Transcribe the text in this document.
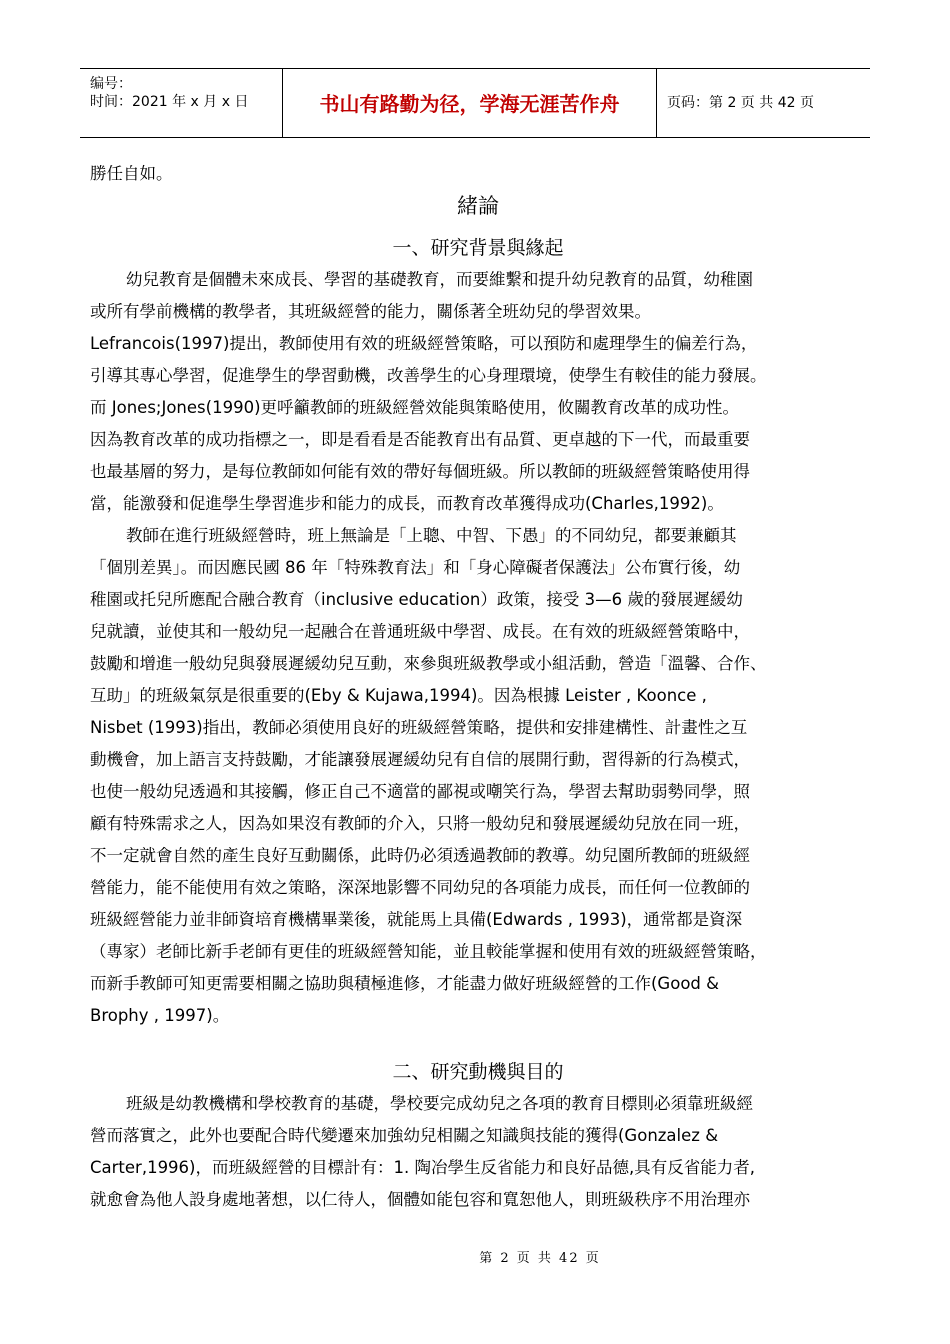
编号：
时间：2021 年 x 月 x 日	书山有路勤为径，学海无涯苦作舟	页码：第 2 页 共 42 页
勝任自如。
緒論
一、研究背景與緣起
幼兒教育是個體未來成長、學習的基礎教育，而要維繫和提升幼兒教育的品質，幼稚園
或所有學前機構的教學者，其班級經營的能力，關係著全班幼兒的學習效果。
Lefrancois(1997)提出，教師使用有效的班級經營策略，可以預防和處理學生的偏差行為，
引導其專心學習，促進學生的學習動機，改善學生的心身理環境，使學生有較佳的能力發展。
而 Jones;Jones(1990)更呼籲教師的班級經營效能與策略使用，攸關教育改革的成功性。
因為教育改革的成功指標之一，即是看看是否能教育出有品質、更卓越的下一代，而最重要
也最基層的努力，是每位教師如何能有效的帶好每個班級。所以教師的班級經營策略使用得
當，能激發和促進學生學習進步和能力的成長，而教育改革獲得成功(Charles,1992)。
教師在進行班級經營時，班上無論是「上聰、中智、下愚」的不同幼兒，都要兼顧其
「個別差異」。而因應民國 86 年「特殊教育法」和「身心障礙者保護法」公布實行後，幼
稚園或托兒所應配合融合教育（inclusive education）政策，接受 3—6 歲的發展遲緩幼
兒就讀，並使其和一般幼兒一起融合在普通班級中學習、成長。在有效的班級經營策略中，
鼓勵和增進一般幼兒與發展遲緩幼兒互動，來參與班級教學或小組活動，營造「溫馨、合作、
互助」的班級氣氛是很重要的(Eby & Kujawa,1994)。因為根據 Leister , Koonce ,
Nisbet (1993)指出，教師必須使用良好的班級經營策略，提供和安排建構性、計畫性之互
動機會，加上語言支持鼓勵，才能讓發展遲緩幼兒有自信的展開行動，習得新的行為模式，
也使一般幼兒透過和其接觸，修正自己不適當的鄙視或嘲笑行為，學習去幫助弱勢同學，照
顧有特殊需求之人，因為如果沒有教師的介入，只將一般幼兒和發展遲緩幼兒放在同一班，
不一定就會自然的產生良好互動關係，此時仍必須透過教師的教導。幼兒園所教師的班級經
營能力，能不能使用有效之策略，深深地影響不同幼兒的各項能力成長，而任何一位教師的
班級經營能力並非師資培育機構畢業後，就能馬上具備(Edwards , 1993)，通常都是資深
（專家）老師比新手老師有更佳的班級經營知能，並且較能掌握和使用有效的班級經營策略，
而新手教師可知更需要相關之協助與積極進修，才能盡力做好班級經營的工作(Good &
Brophy , 1997)。
二、研究動機與目的
班級是幼教機構和學校教育的基礎，學校要完成幼兒之各項的教育目標則必須靠班級經
營而落實之，此外也要配合時代變遷來加強幼兒相關之知識與技能的獲得(Gonzalez &
Carter,1996)，而班級經營的目標計有：1. 陶冶學生反省能力和良好品德,具有反省能力者,
就愈會為他人設身處地著想，以仁待人，個體如能包容和寬恕他人，則班級秩序不用治理亦
第 2 页 共 42 页
